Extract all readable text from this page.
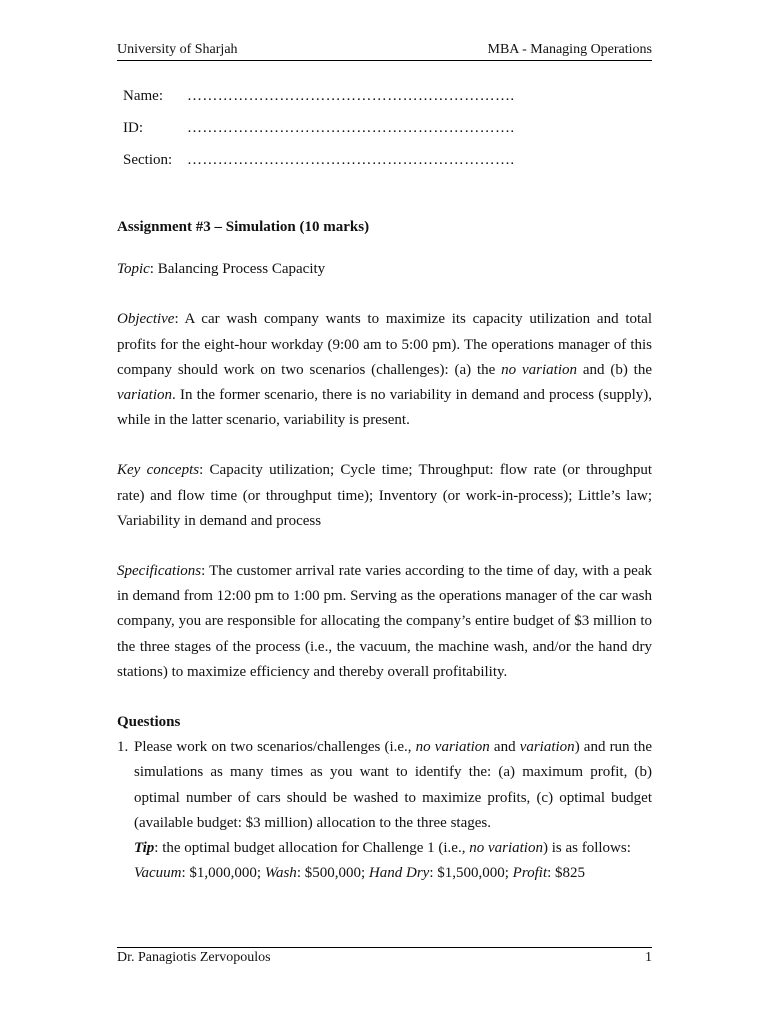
University of Sharjah	MBA - Managing Operations
Name: ……………………………………………………….
ID:	……………………………………………………….
Section: ……………………………………………………….

Assignment #3 – Simulation (10 marks)

Topic: Balancing Process Capacity

Objective: A car wash company wants to maximize its capacity utilization and total profits for the eight-hour workday (9:00 am to 5:00 pm). The operations manager of this company should work on two scenarios (challenges): (a) the no variation and (b) the variation. In the former scenario, there is no variability in demand and process (supply), while in the latter scenario, variability is present.

Key concepts: Capacity utilization; Cycle time; Throughput: flow rate (or throughput rate) and flow time (or throughput time); Inventory (or work-in-process); Little’s law; Variability in demand and process

Specifications: The customer arrival rate varies according to the time of day, with a peak in demand from 12:00 pm to 1:00 pm. Serving as the operations manager of the car wash company, you are responsible for allocating the company’s entire budget of $3 million to the three stages of the process (i.e., the vacuum, the machine wash, and/or the hand dry stations) to maximize efficiency and thereby overall profitability.

Questions

1. Please work on two scenarios/challenges (i.e., no variation and variation) and run the simulations as many times as you want to identify the: (a) maximum profit, (b) optimal number of cars should be washed to maximize profits, (c) optimal budget (available budget: $3 million) allocation to the three stages.
Tip: the optimal budget allocation for Challenge 1 (i.e., no variation) is as follows:
Vacuum: $1,000,000; Wash: $500,000; Hand Dry: $1,500,000; Profit: $825
Dr. Panagiotis Zervopoulos	1
